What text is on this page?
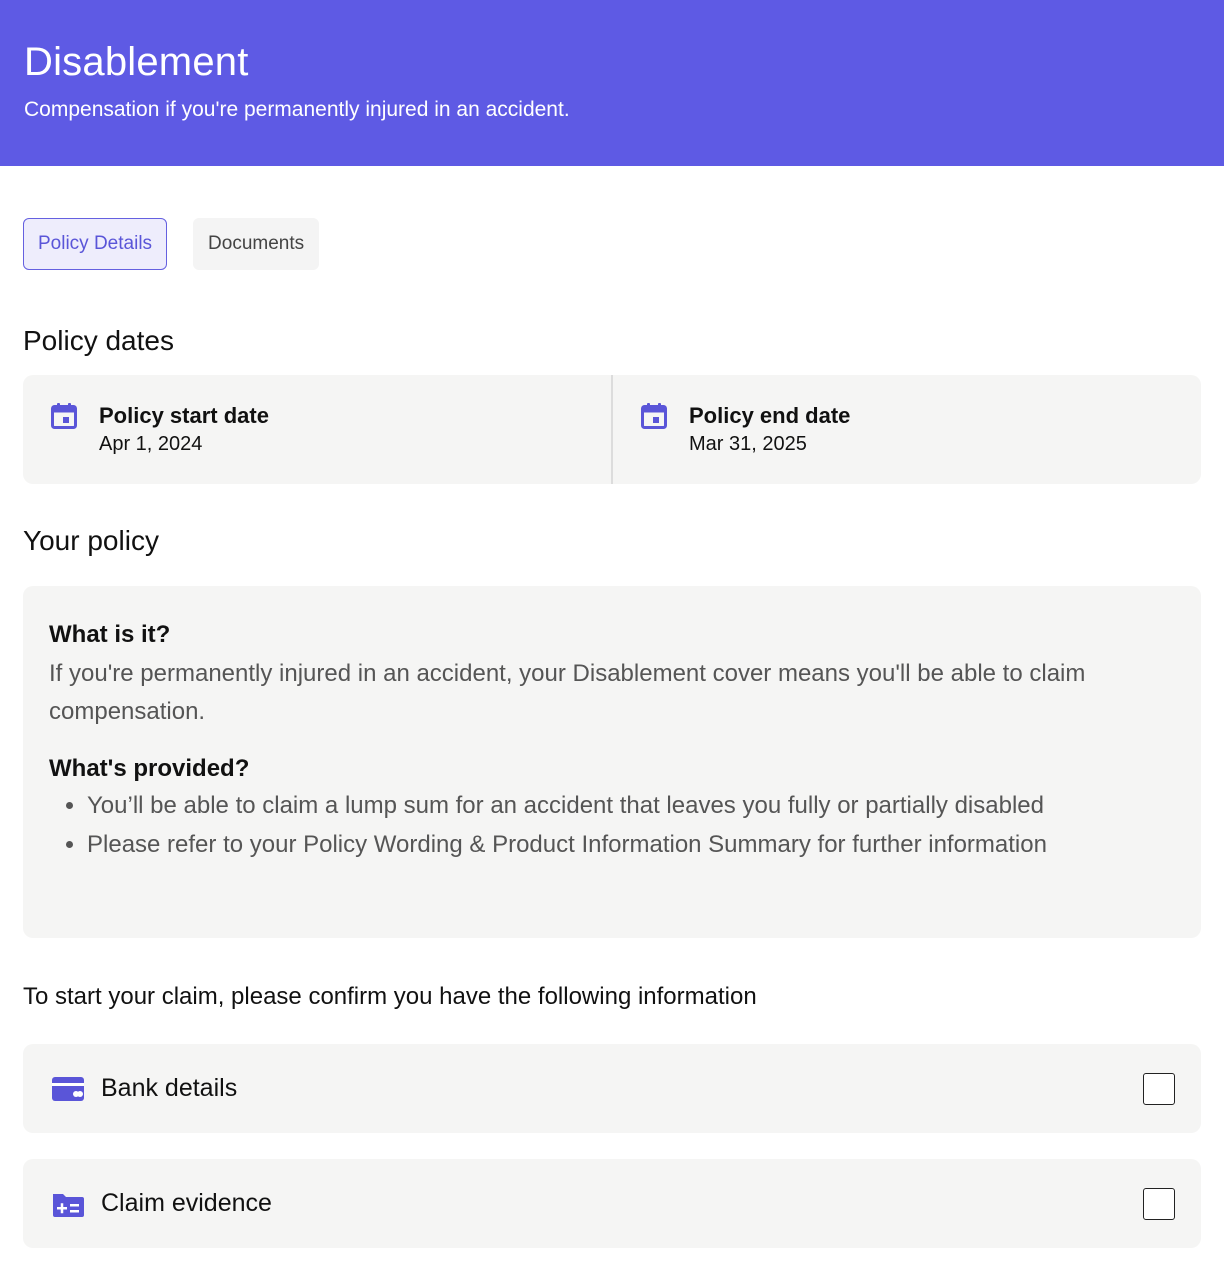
Disablement
Compensation if you're permanently injured in an accident.
Policy Details	Documents
Policy dates
Policy start date
Apr 1, 2024
Policy end date
Mar 31, 2025
Your policy
What is it?
If you're permanently injured in an accident, your Disablement cover means you'll be able to claim compensation.
What's provided?
• You’ll be able to claim a lump sum for an accident that leaves you fully or partially disabled
• Please refer to your Policy Wording & Product Information Summary for further information
To start your claim, please confirm you have the following information
Bank details
Claim evidence
